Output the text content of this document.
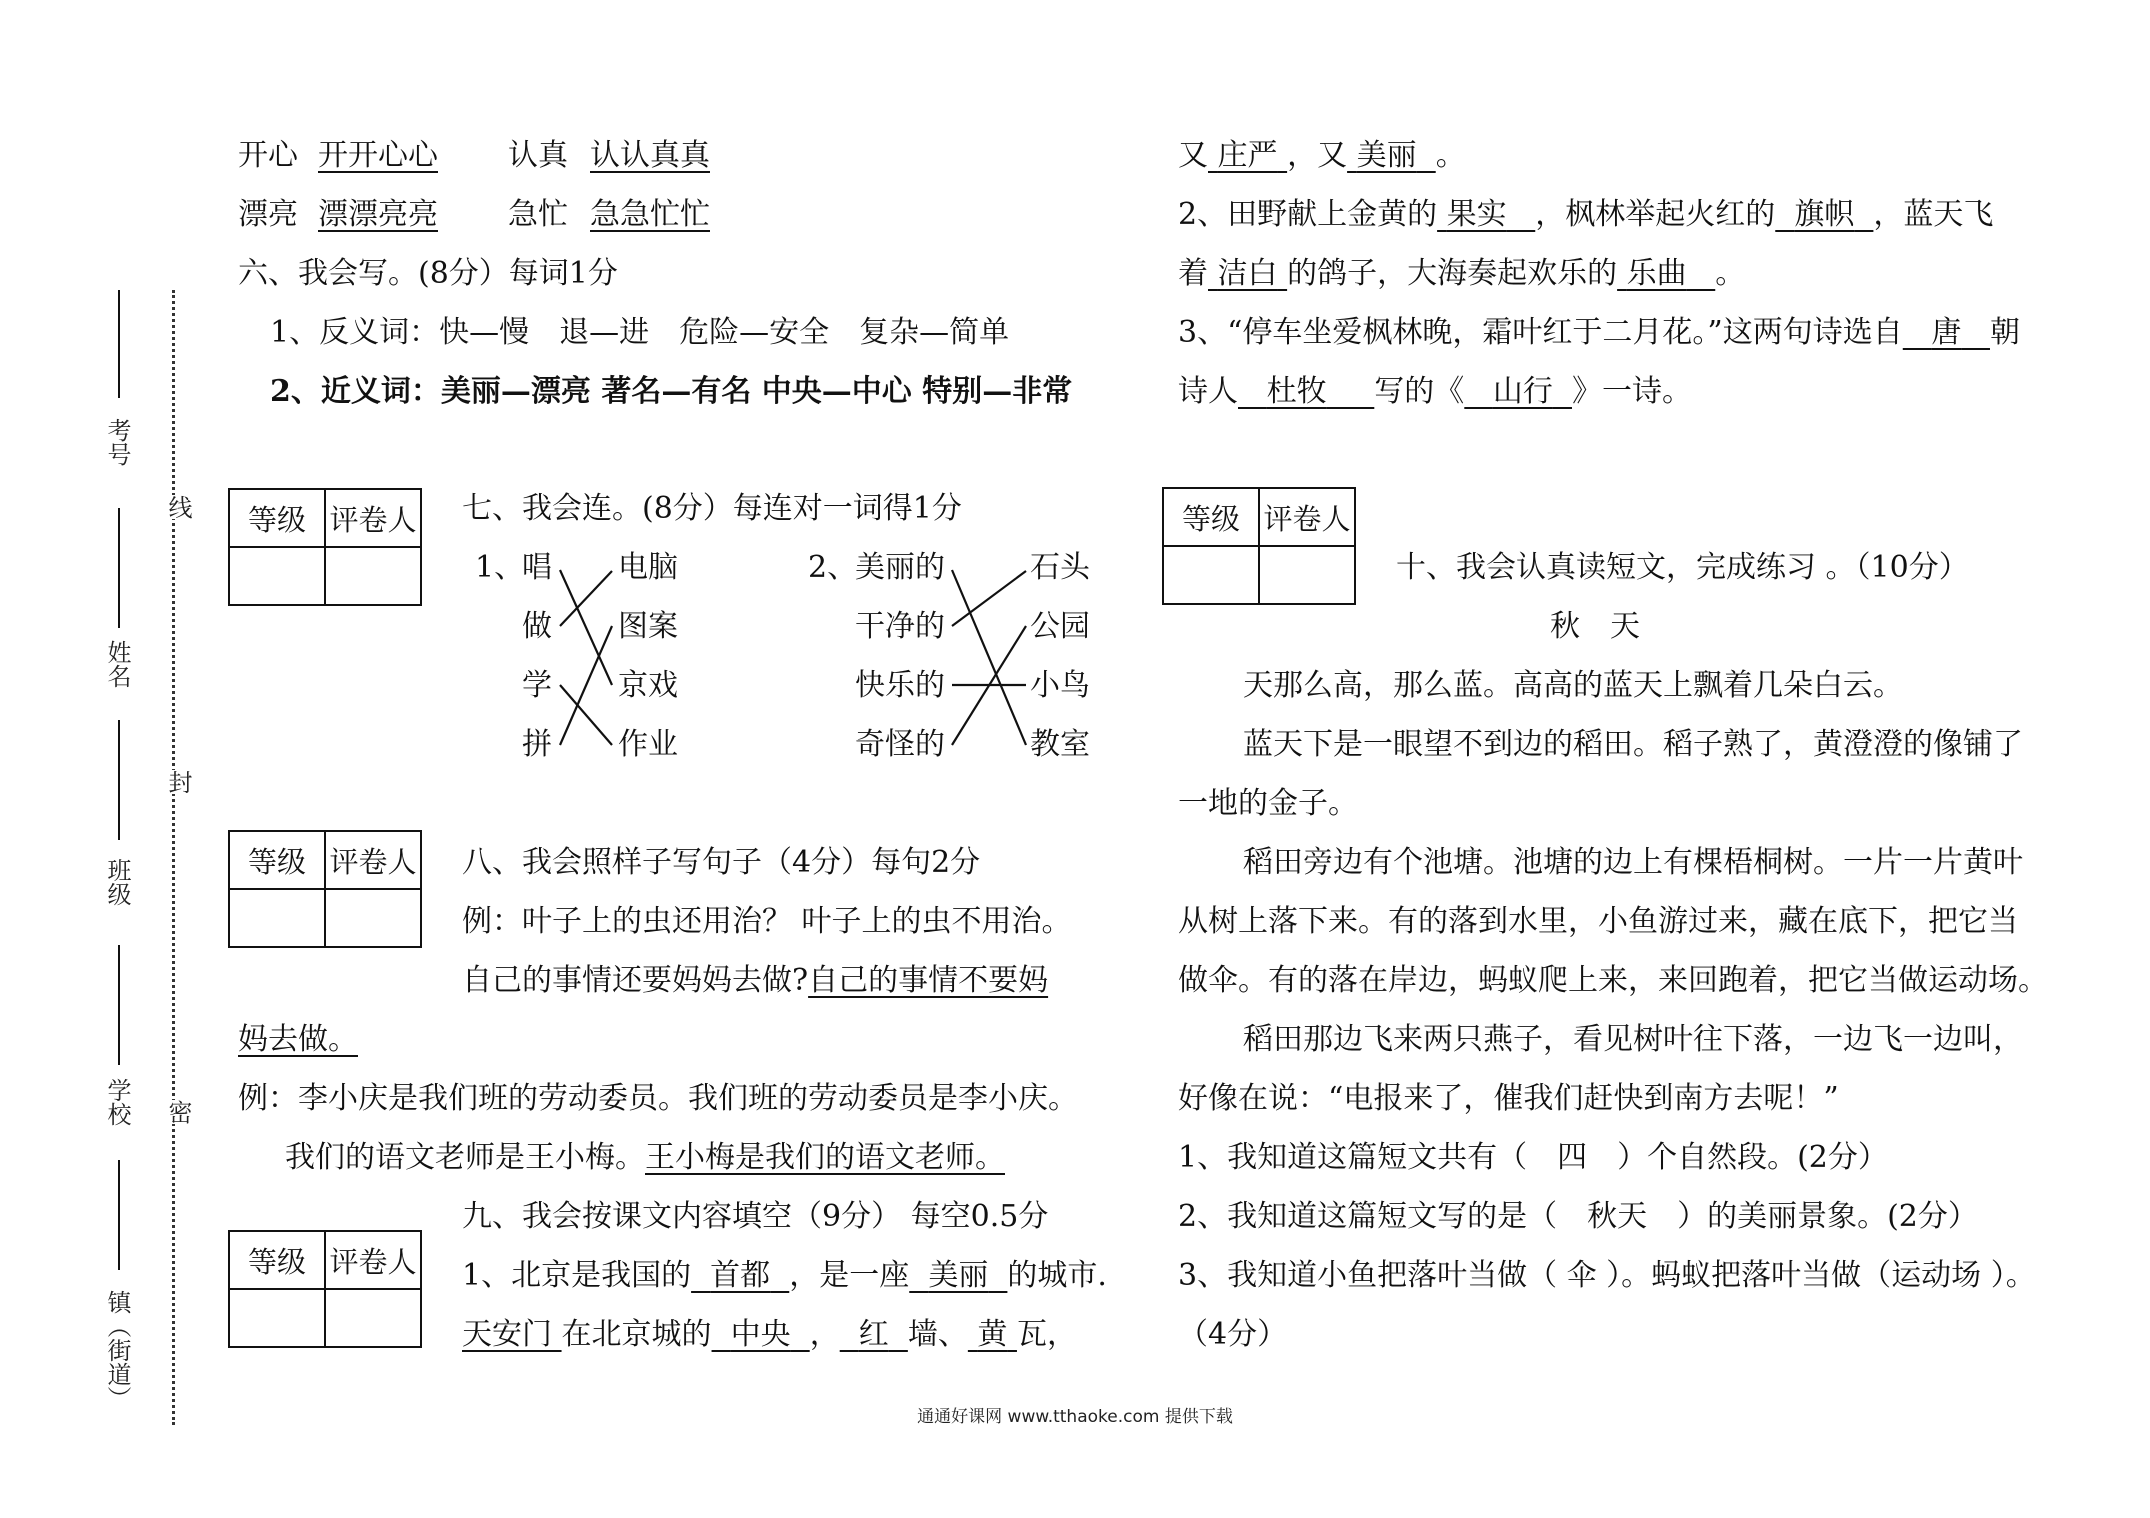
考号
姓名
班级
学校
镇（街道）
线
封
密
开心 开开心心 认真 认认真真
漂亮 漂漂亮亮 急忙 急急忙忙
六、我会写。(8分）每词1分
1、反义词：快—慢　退—进　危险—安全　复杂—简单
2、近义词：美丽—漂亮 著名—有名 中央—中心 特别—非常
等级	评卷人
	七、我会连。(8分）每连对一词得1分
1、
唱
做
学
拼
电脑
图案
京戏
作业
2、
美丽的
干净的
快乐的
奇怪的
石头
公园
小鸟
教室
等级	评卷人
	八、我会照样子写句子（4分）每句2分
例：叶子上的虫还用治？ 叶子上的虫不用治。
自己的事情还要妈妈去做?自己的事情不要妈
妈去做。
例：李小庆是我们班的劳动委员。我们班的劳动委员是李小庆。
我们的语文老师是王小梅。王小梅是我们的语文老师。
等级	评卷人

九、我会按课文内容填空（9分） 每空0.5分
1、北京是我国的 首都 ，是一座 美丽 的城市.
天安门 在北京城的 中央 ， 红 墙、 黄 瓦，
又 庄严 ，又 美丽 。
2、田野献上金黄的 果实 ，枫林举起火红的 旗帜 ，蓝天飞
着 洁白 的鸽子，大海奏起欢乐的 乐曲 。
3、“停车坐爱枫林晚，霜叶红于二月花。”这两句诗选自 唐 朝
诗人 杜牧 写的《 山行 》一诗。
等级	评卷人

十、我会认真读短文，完成练习 。（10分）
秋　天
天那么高，那么蓝。高高的蓝天上飘着几朵白云。
蓝天下是一眼望不到边的稻田。稻子熟了，黄澄澄的像铺了
一地的金子。
稻田旁边有个池塘。池塘的边上有棵梧桐树。一片一片黄叶
从树上落下来。有的落到水里，小鱼游过来，藏在底下，把它当
做伞。有的落在岸边，蚂蚁爬上来，来回跑着，把它当做运动场。
稻田那边飞来两只燕子，看见树叶往下落，一边飞一边叫，
好像在说：“电报来了，催我们赶快到南方去呢！”
1、我知道这篇短文共有（　四　）个自然段。(2分）
2、我知道这篇短文写的是（　秋天　）的美丽景象。(2分）
3、我知道小鱼把落叶当做（ 伞 ）。蚂蚁把落叶当做（运动场 ）。
（4分）
通通好课网 www.tthaoke.com 提供下载
